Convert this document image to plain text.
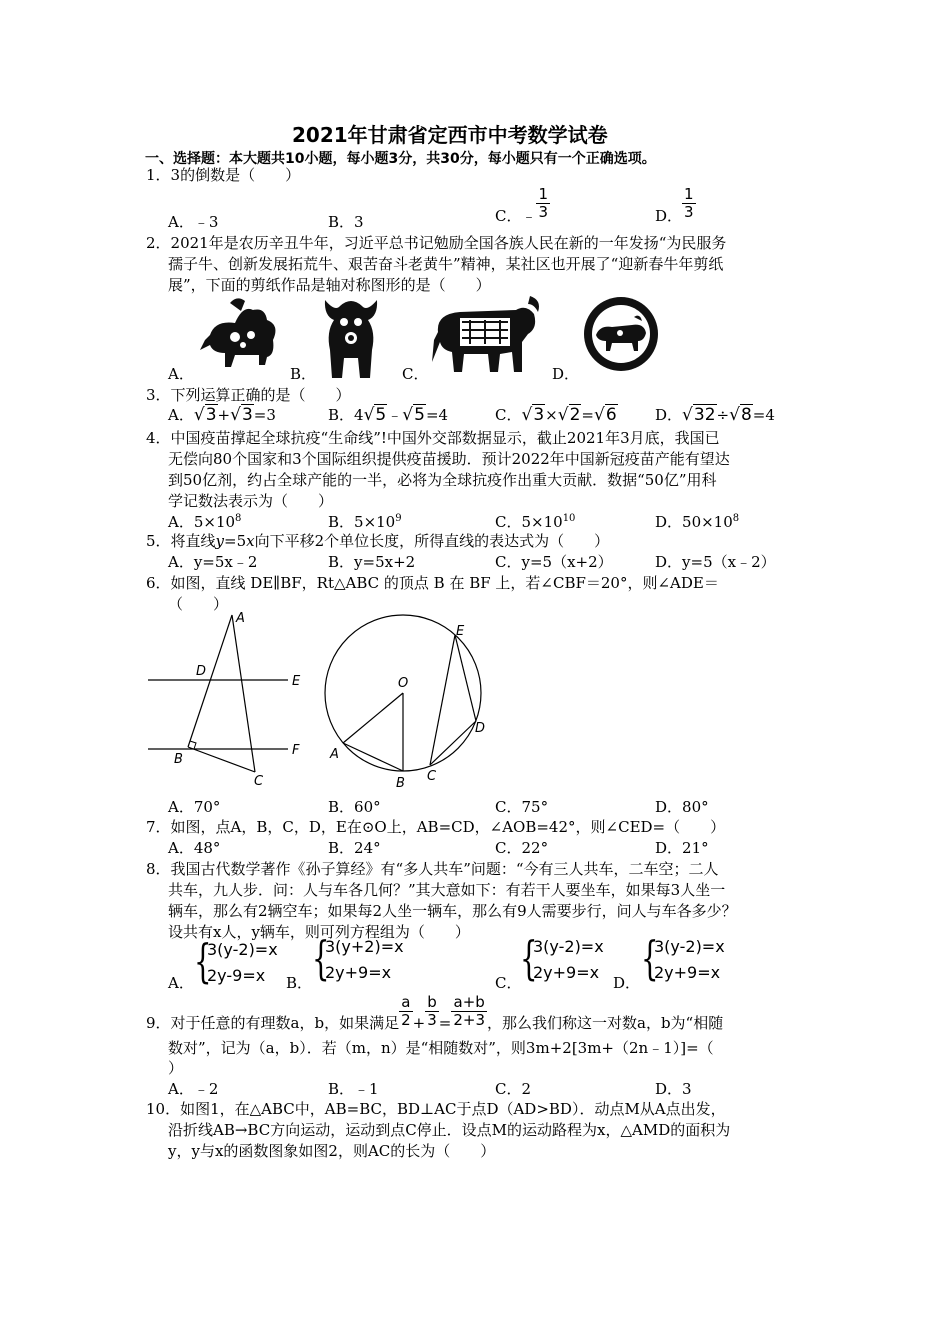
2021年甘肃省定西市中考数学试卷
一、选择题：本大题共10小题，每小题3分，共30分，每小题只有一个正确选项。
1．3的倒数是（　　）
A．﹣3	B．3	C．﹣ $\frac{1}{3}$	D． $\frac{1}{3}$
2．2021年是农历辛丑牛年，习近平总书记勉励全国各族人民在新的一年发扬“为民服务
孺子牛、创新发展拓荒牛、艰苦奋斗老黄牛”精神，某社区也开展了“迎新春牛年剪纸
展”，下面的剪纸作品是轴对称图形的是（　　）
A．	B．	C．	D．
3．下列运算正确的是（　　）
A．√3+√3=3	B．4√5﹣√5=4	C．√3×√2=√6	D．√32÷√8=4
4．中国疫苗撑起全球抗疫“生命线”!中国外交部数据显示，截止2021年3月底，我国已
无偿向80个国家和3个国际组织提供疫苗援助．预计2022年中国新冠疫苗产能有望达
到50亿剂，约占全球产能的一半，必将为全球抗疫作出重大贡献．数据“50亿”用科
学记数法表示为（　　）
A．$5\times 10^8$	B．$5\times 10^9$	C．$5\times 10^{10}$	D．$50\times 10^8$
5．将直线y=5x向下平移2个单位长度，所得直线的表达式为（　　）
A．y=5x﹣2	B．y=5x+2	C．y=5（x+2）	D．y=5（x﹣2）
6．如图，直线 DE∥BF，Rt△ABC 的顶点 B 在 BF 上，若∠CBF＝20°，则∠ADE＝
（　　）
A
D
E
B
F
C
E
O
D
A
B C
A．70°	B．60°	C．75°	D．80°
7．如图，点A，B，C，D，E在⊙O上，AB=CD，∠AOB=42°，则∠CED=（　　）
A．48°	B．24°	C．22°	D．21°
8．我国古代数学著作《孙子算经》有“多人共车”问题：“今有三人共车，二车空；二人
共车，九人步．问：人与车各几何？”其大意如下：有若干人要坐车，如果每3人坐一
辆车，那么有2辆空车；如果每2人坐一辆车，那么有9人需要步行，问人与车各多少？
设共有x人，y辆车，则可列方程组为（　　）
A． {
3(y-2)=x
2y-9=x	B． {
3(y+2)=x
2y+9=x
C．
{
3(y-2)=x
2y+9=x
D． {
3(y-2)=x
2y+9=x
9．对于任意的有理数a，b，如果满足 $\frac{a}{2} + \frac{b}{3} = \frac{a+b}{2+3}$ ，那么我们称这一对数a，b为“相随
数对”，记为（a，b）．若（m，n）是“相随数对”，则3m+2[3m+（2n﹣1）]=（
）
A．﹣2	B．﹣1	C．2	D．3
10．如图1，在△ABC中，AB=BC，BD⊥AC于点D（AD>BD）．动点M从A点出发，
沿折线AB→BC方向运动，运动到点C停止．设点M的运动路程为x，△AMD的面积为
y，y与x的函数图象如图2，则AC的长为（　　）
